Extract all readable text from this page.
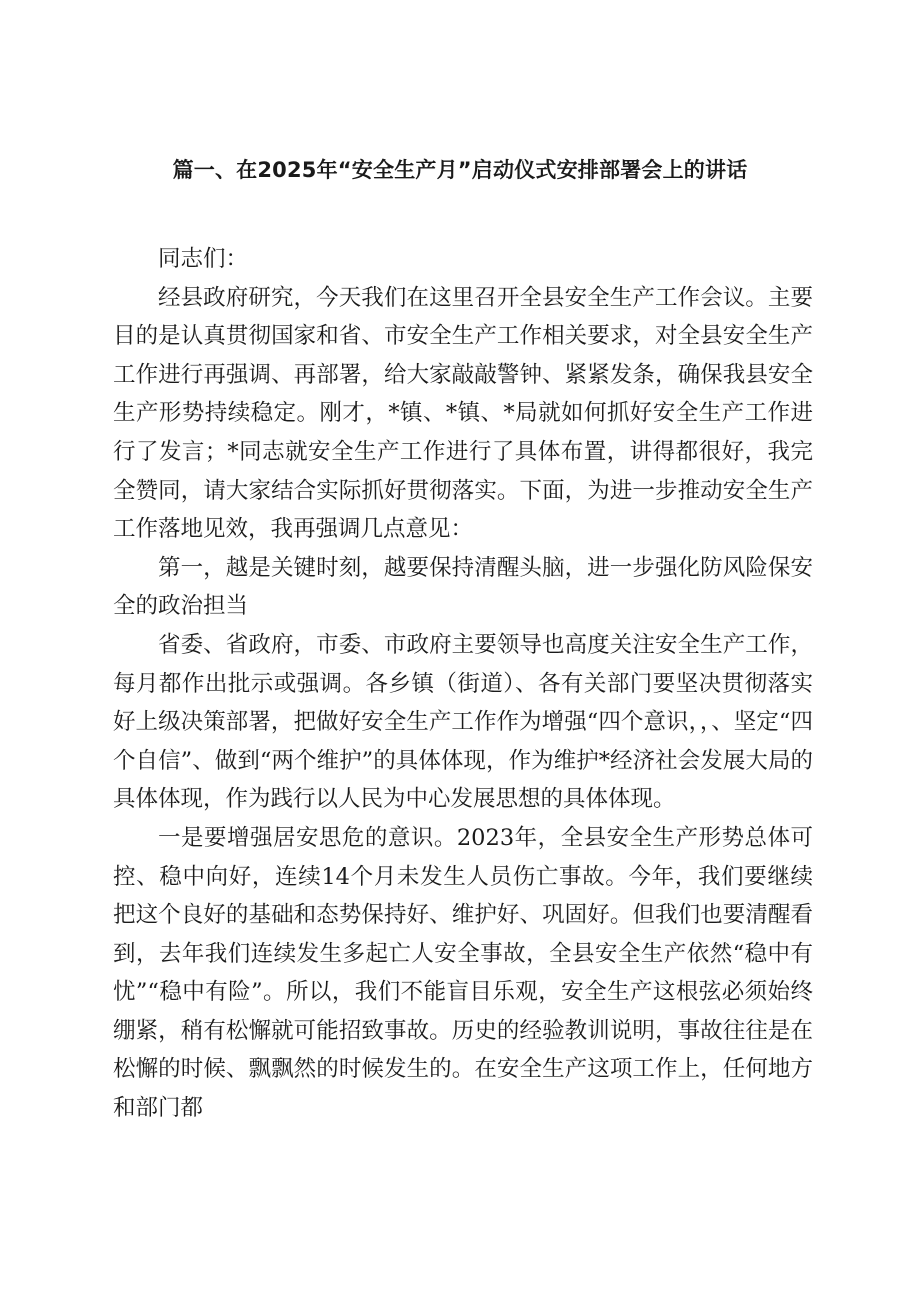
篇一、在2025年“安全生产月”启动仪式安排部署会上的讲话

同志们：

经县政府研究，今天我们在这里召开全县安全生产工作会议。主要目的是认真贯彻国家和省、市安全生产工作相关要求，对全县安全生产工作进行再强调、再部署，给大家敲敲警钟、紧紧发条，确保我县安全生产形势持续稳定。刚才，*镇、*镇、*局就如何抓好安全生产工作进行了发言；*同志就安全生产工作进行了具体布置，讲得都很好，我完全赞同，请大家结合实际抓好贯彻落实。下面，为进一步推动安全生产工作落地见效，我再强调几点意见：

第一，越是关键时刻，越要保持清醒头脑，进一步强化防风险保安全的政治担当

省委、省政府，市委、市政府主要领导也高度关注安全生产工作，每月都作出批示或强调。各乡镇（街道）、各有关部门要坚决贯彻落实好上级决策部署，把做好安全生产工作作为增强“四个意识，，、坚定“四个自信”、做到“两个维护”的具体体现，作为维护*经济社会发展大局的具体体现，作为践行以人民为中心发展思想的具体体现。

一是要增强居安思危的意识。2023年，全县安全生产形势总体可控、稳中向好，连续14个月未发生人员伤亡事故。今年，我们要继续把这个良好的基础和态势保持好、维护好、巩固好。但我们也要清醒看到，去年我们连续发生多起亡人安全事故，全县安全生产依然“稳中有忧”“稳中有险”。所以，我们不能盲目乐观，安全生产这根弦必须始终绷紧，稍有松懈就可能招致事故。历史的经验教训说明，事故往往是在松懈的时候、飘飘然的时候发生的。在安全生产这项工作上，任何地方和部门都
